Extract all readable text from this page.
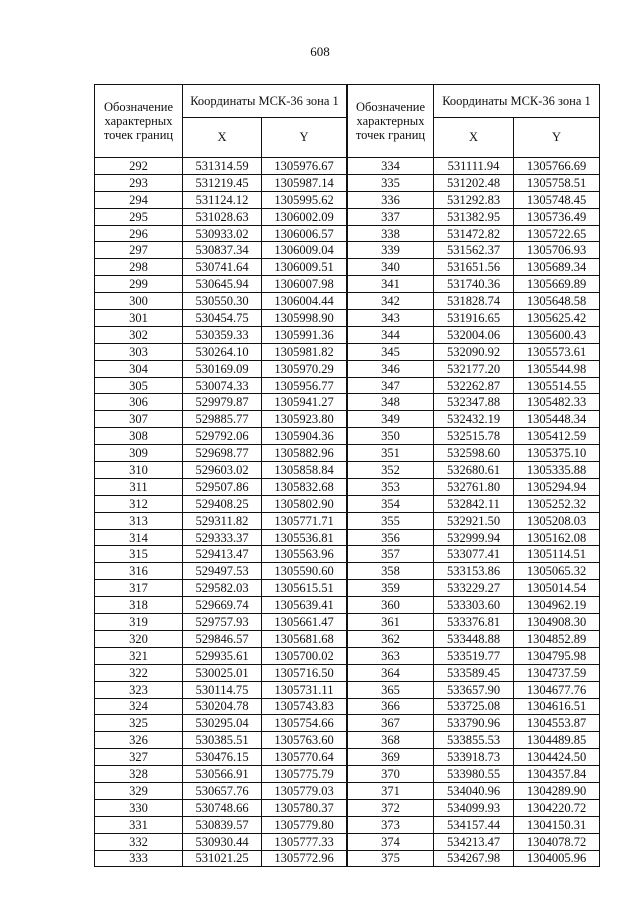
608
Обозначение характерных точек границ	Координаты МСК-36 зона 1	
	X	Y
292	531314.59	1305976.67
293	531219.45	1305987.14
294	531124.12	1305995.62
295	531028.63	1306002.09
296	530933.02	1306006.57
297	530837.34	1306009.04
298	530741.64	1306009.51
299	530645.94	1306007.98
300	530550.30	1306004.44
301	530454.75	1305998.90
302	530359.33	1305991.36
303	530264.10	1305981.82
304	530169.09	1305970.29
305	530074.33	1305956.77
306	529979.87	1305941.27
307	529885.77	1305923.80
308	529792.06	1305904.36
309	529698.77	1305882.96
310	529603.02	1305858.84
311	529507.86	1305832.68
312	529408.25	1305802.90
313	529311.82	1305771.71
314	529333.37	1305536.81
315	529413.47	1305563.96
316	529497.53	1305590.60
317	529582.03	1305615.51
318	529669.74	1305639.41
319	529757.93	1305661.47
320	529846.57	1305681.68
321	529935.61	1305700.02
322	530025.01	1305716.50
323	530114.75	1305731.11
324	530204.78	1305743.83
325	530295.04	1305754.66
326	530385.51	1305763.60
327	530476.15	1305770.64
328	530566.91	1305775.79
329	530657.76	1305779.03
330	530748.66	1305780.37
331	530839.57	1305779.80
332	530930.44	1305777.33
333	531021.25	1305772.96
Обозначение характерных точек границ	Координаты МСК-36 зона 1	
	X	Y
334	531111.94	1305766.69
335	531202.48	1305758.51
336	531292.83	1305748.45
337	531382.95	1305736.49
338	531472.82	1305722.65
339	531562.37	1305706.93
340	531651.56	1305689.34
341	531740.36	1305669.89
342	531828.74	1305648.58
343	531916.65	1305625.42
344	532004.06	1305600.43
345	532090.92	1305573.61
346	532177.20	1305544.98
347	532262.87	1305514.55
348	532347.88	1305482.33
349	532432.19	1305448.34
350	532515.78	1305412.59
351	532598.60	1305375.10
352	532680.61	1305335.88
353	532761.80	1305294.94
354	532842.11	1305252.32
355	532921.50	1305208.03
356	532999.94	1305162.08
357	533077.41	1305114.51
358	533153.86	1305065.32
359	533229.27	1305014.54
360	533303.60	1304962.19
361	533376.81	1304908.30
362	533448.88	1304852.89
363	533519.77	1304795.98
364	533589.45	1304737.59
365	533657.90	1304677.76
366	533725.08	1304616.51
367	533790.96	1304553.87
368	533855.53	1304489.85
369	533918.73	1304424.50
370	533980.55	1304357.84
371	534040.96	1304289.90
372	534099.93	1304220.72
373	534157.44	1304150.31
374	534213.47	1304078.72
375	534267.98	1304005.96
